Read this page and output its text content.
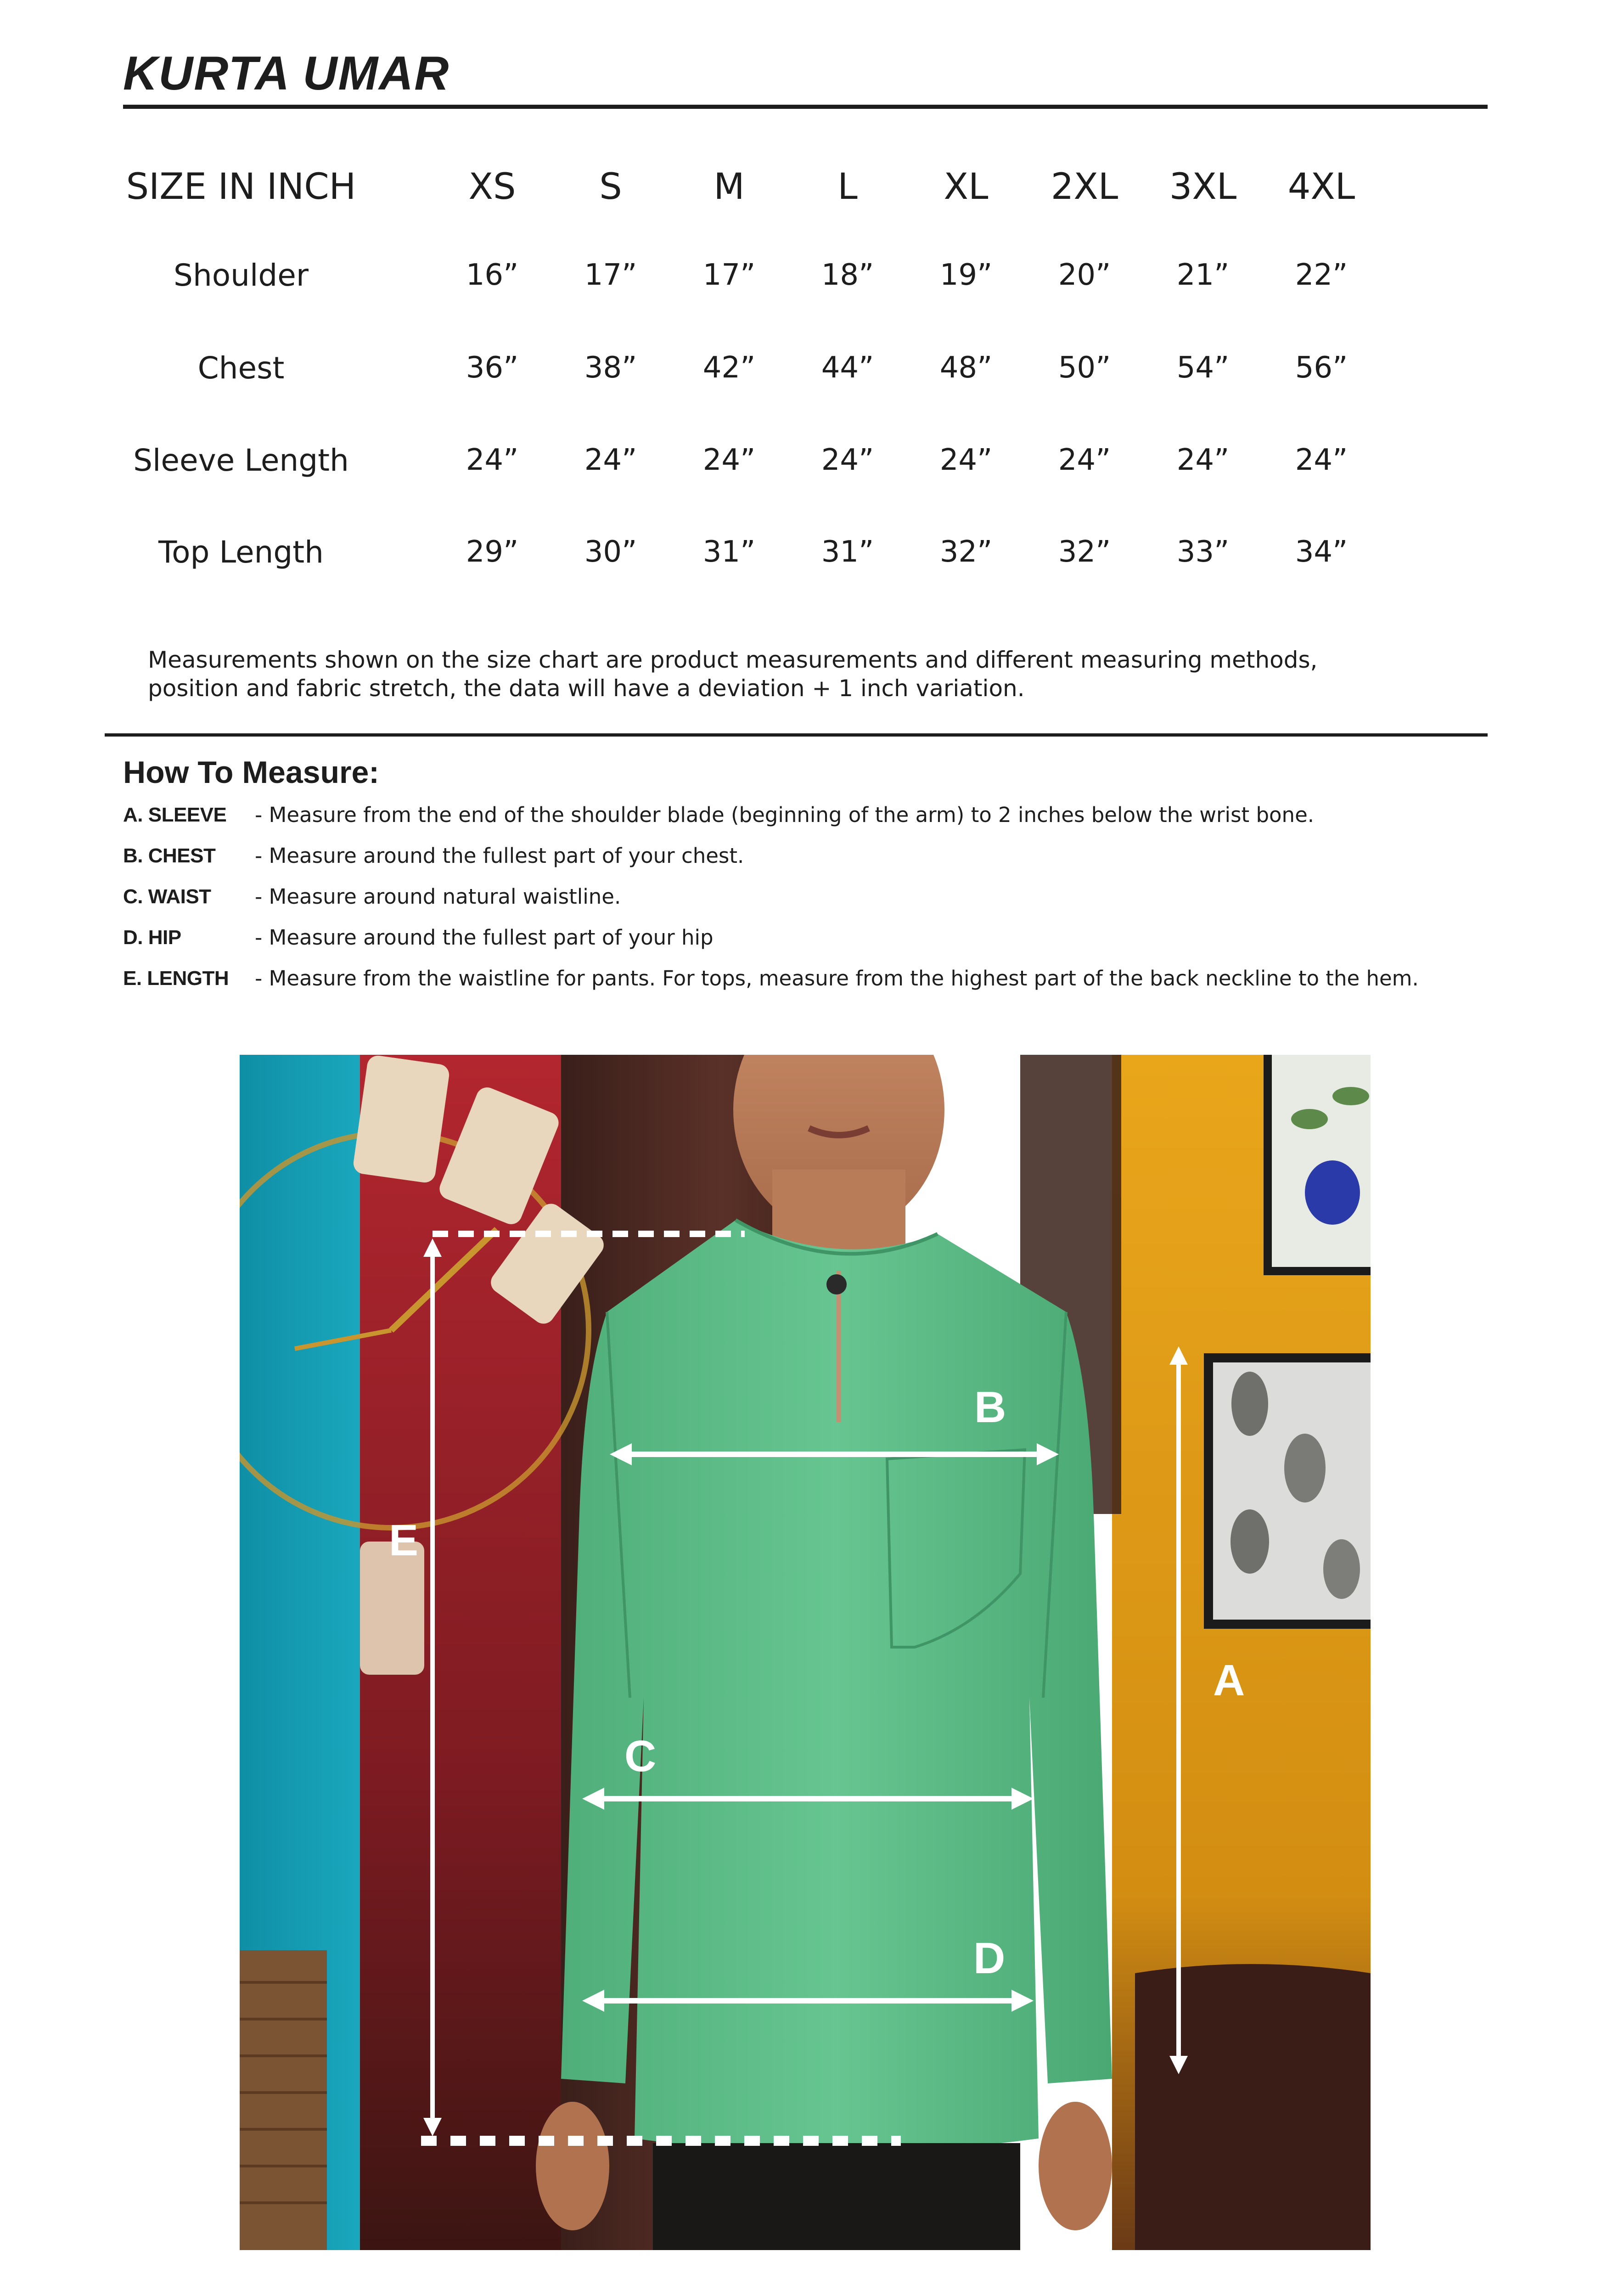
KURTA UMAR
SIZE IN INCH	XS	S	M	L	XL	2XL	3XL	4XL
Shoulder	16”	17”	17”	18”	19”	20”	21”	22”
Chest	36”	38”	42”	44”	48”	50”	54”	56”
Sleeve Length	24”	24”	24”	24”	24”	24”	24”	24”
Top Length	29”	30”	31”	31”	32”	32”	33”	34”
Measurements shown on the size chart are product measurements and different measuring methods,
position and fabric stretch, the data will have a deviation + 1 inch variation.
How To Measure:
A. SLEEVE - Measure from the end of the shoulder blade (beginning of the arm) to 2 inches below the wrist bone.
B. CHEST - Measure around the fullest part of your chest.
C. WAIST - Measure around natural waistline.
D. HIP	- Measure around the fullest part of your hip
E. LENGTH - Measure from the waistline for pants. For tops, measure from the highest part of the back neckline to the hem.
E
A
B
C
D
